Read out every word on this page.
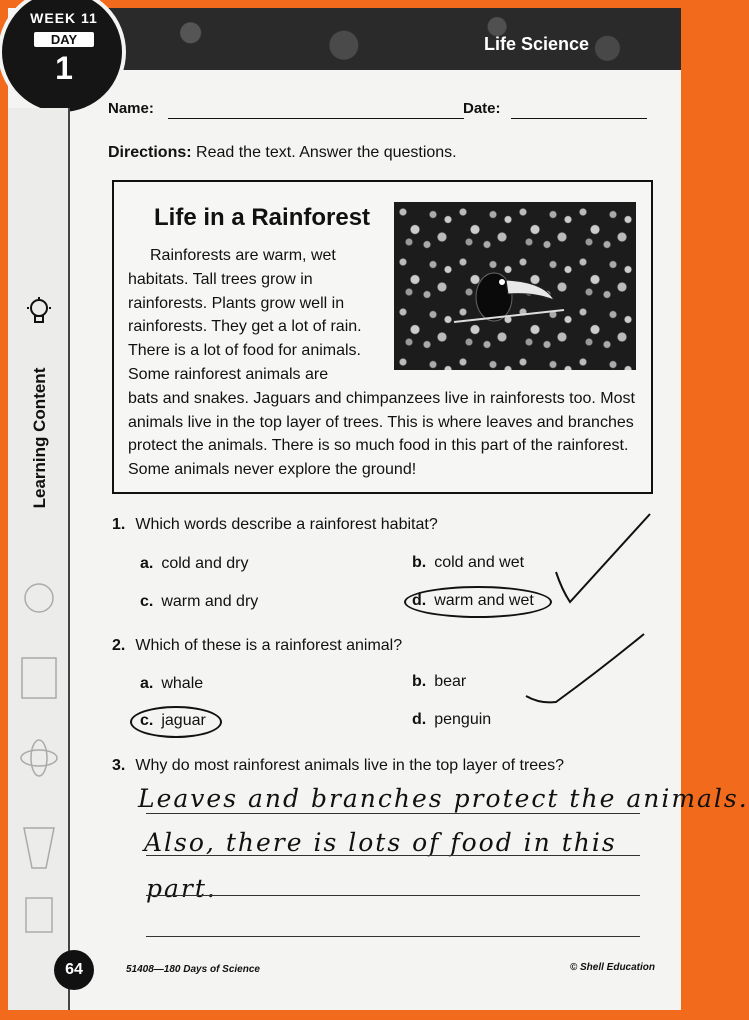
Life Science
WEEK 11
DAY
1
Learning Content
64
Name:	Date:
Directions: Read the text. Answer the questions.
Life in a Rainforest

Rainforests are warm, wet habitats. Tall trees grow in rainforests. Plants grow well in rainforests. They get a lot of rain. There is a lot of food for animals. Some rainforest animals are

bats and snakes. Jaguars and chimpanzees live in rainforests too. Most animals live in the top layer of trees. This is where leaves and branches protect the animals. There is so much food in this part of the rainforest. Some animals never explore the ground!

1. Which words describe a rainforest habitat?
a. cold and dry	b. cold and wet
c. warm and dry	d. warm and wet
2. Which of these is a rainforest animal?
a. whale	b. bear
c. jaguar	d. penguin
3. Why do most rainforest animals live in the top layer of trees?
Leaves and branches protect the animals.
Also, there is lots of food in this
part.
51408—180 Days of Science	© Shell Education
